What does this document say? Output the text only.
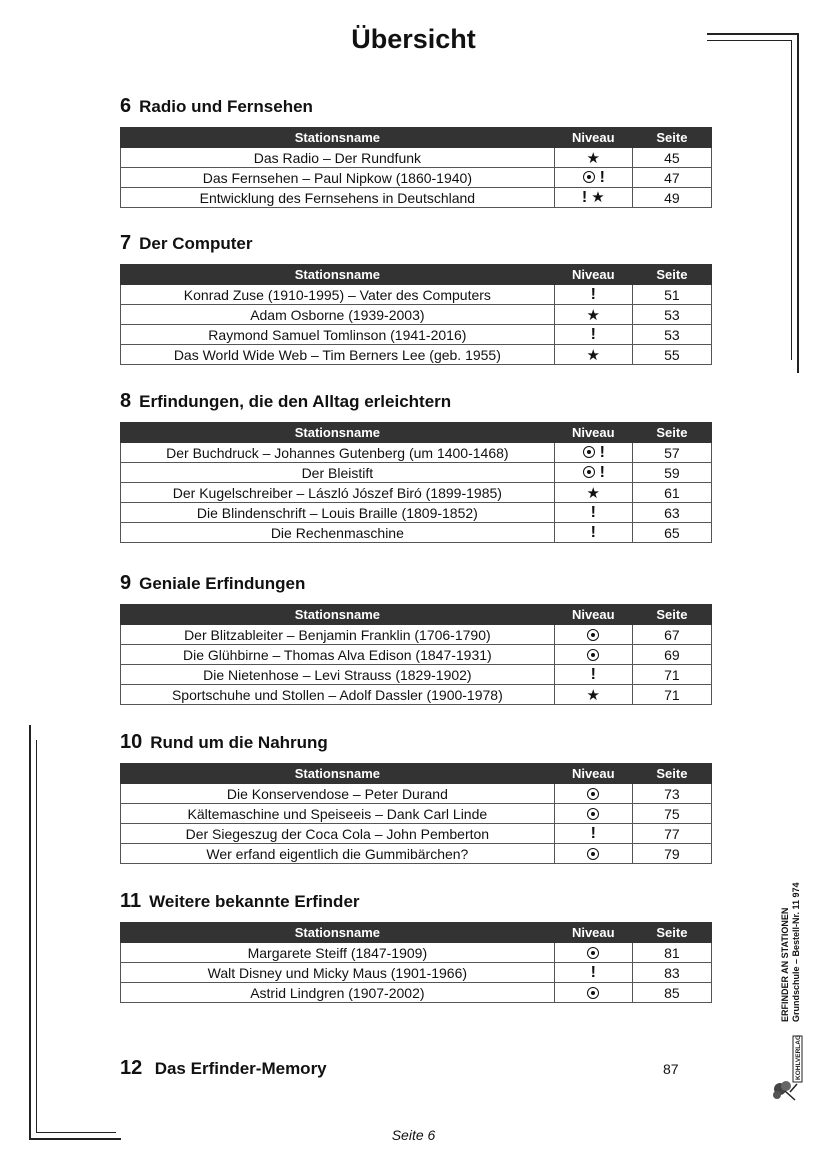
Übersicht
6 Radio und Fernsehen
Stationsname	Niveau	Seite
Das Radio – Der Rundfunk	★	45
Das Fernsehen – Paul Nipkow (1860-1940)	!	47
Entwicklung des Fernsehens in Deutschland	! ★	49
7 Der Computer
Stationsname	Niveau	Seite
Konrad Zuse (1910-1995) – Vater des Computers	!	51
Adam Osborne (1939-2003)	★	53
Raymond Samuel Tomlinson (1941-2016)	!	53
Das World Wide Web – Tim Berners Lee (geb. 1955)	★	55
8 Erfindungen, die den Alltag erleichtern
Stationsname	Niveau	Seite
Der Buchdruck – Johannes Gutenberg (um 1400-1468)	!	57
Der Bleistift	!	59
Der Kugelschreiber – László Jószef Biró (1899-1985)	★	61
Die Blindenschrift – Louis Braille (1809-1852)	!	63
Die Rechenmaschine	!	65
9 Geniale Erfindungen
Stationsname	Niveau	Seite
Der Blitzableiter – Benjamin Franklin (1706-1790)		67
Die Glühbirne – Thomas Alva Edison (1847-1931)		69
Die Nietenhose – Levi Strauss (1829-1902)	!	71
Sportschuhe und Stollen – Adolf Dassler (1900-1978)	★	71
10 Rund um die Nahrung
Stationsname	Niveau	Seite
Die Konservendose – Peter Durand		73
Kältemaschine und Speiseeis – Dank Carl Linde		75
Der Siegeszug der Coca Cola – John Pemberton	!	77
Wer erfand eigentlich die Gummibärchen?		79
11 Weitere bekannte Erfinder
Stationsname	Niveau	Seite
Margarete Steiff (1847-1909)		81
Walt Disney und Micky Maus (1901-1966)	!	83
Astrid Lindgren (1907-2002)		85
12 Das Erfinder-Memory	87
ERFINDER AN STATIONEN Grundschule – Bestell-Nr. 11 974
KOHLVERLAG
Seite 6
